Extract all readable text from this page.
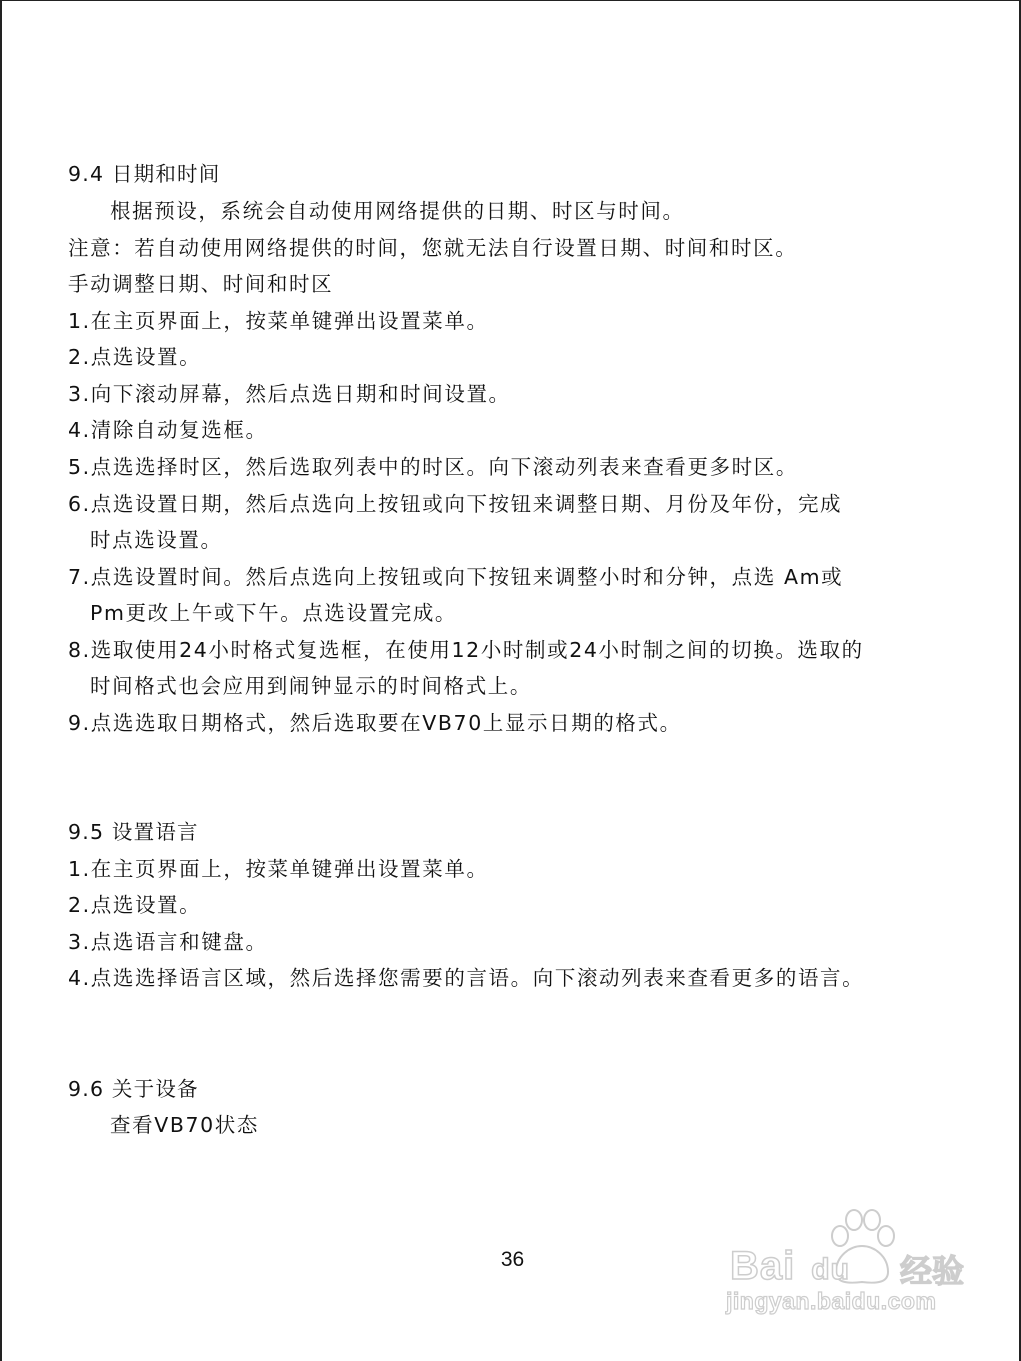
9.4 日期和时间
根据预设，系统会自动使用网络提供的日期、时区与时间。
注意：若自动使用网络提供的时间，您就无法自行设置日期、时间和时区。
手动调整日期、时间和时区
1.在主页界面上，按菜单键弹出设置菜单。
2.点选设置。
3.向下滚动屏幕，然后点选日期和时间设置。
4.清除自动复选框。
5.点选选择时区，然后选取列表中的时区。向下滚动列表来查看更多时区。
6.点选设置日期，然后点选向上按钮或向下按钮来调整日期、月份及年份，完成
时点选设置。
7.点选设置时间。然后点选向上按钮或向下按钮来调整小时和分钟，点选 Am或
Pm更改上午或下午。点选设置完成。
8.选取使用24小时格式复选框，在使用12小时制或24小时制之间的切换。选取的
时间格式也会应用到闹钟显示的时间格式上。
9.点选选取日期格式，然后选取要在VB70上显示日期的格式。
9.5 设置语言
1.在主页界面上，按菜单键弹出设置菜单。
2.点选设置。
3.点选语言和键盘。
4.点选选择语言区域，然后选择您需要的言语。向下滚动列表来查看更多的语言。
9.6 关于设备
查看VB70状态
36	Bai du 经验
jingyan.baidu.com
